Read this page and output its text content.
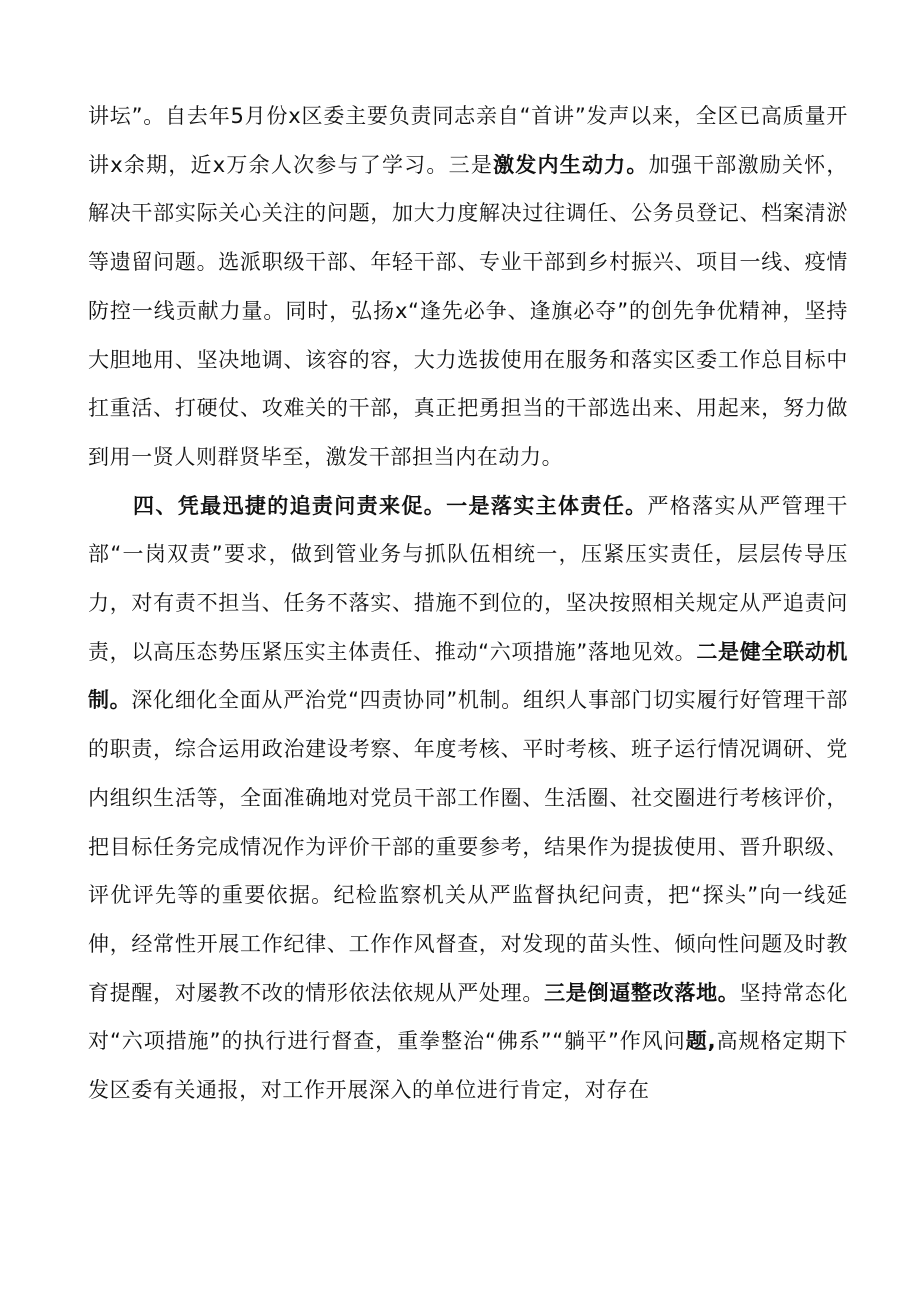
讲坛”。自去年5月份x区委主要负责同志亲自“首讲”发声以来，全区已高质量开讲x余期，近x万余人次参与了学习。三是激发内生动力。加强干部激励关怀，解决干部实际关心关注的问题，加大力度解决过往调任、公务员登记、档案清淤等遗留问题。选派职级干部、年轻干部、专业干部到乡村振兴、项目一线、疫情防控一线贡献力量。同时，弘扬x“逢先必争、逢旗必夺”的创先争优精神，坚持大胆地用、坚决地调、该容的容，大力选拔使用在服务和落实区委工作总目标中扛重活、打硬仗、攻难关的干部，真正把勇担当的干部选出来、用起来，努力做到用一贤人则群贤毕至，激发干部担当内在动力。

四、凭最迅捷的追责问责来促。一是落实主体责任。严格落实从严管理干部“一岗双责”要求，做到管业务与抓队伍相统一，压紧压实责任，层层传导压力，对有责不担当、任务不落实、措施不到位的，坚决按照相关规定从严追责问责，以高压态势压紧压实主体责任、推动“六项措施”落地见效。二是健全联动机制。深化细化全面从严治党“四责协同”机制。组织人事部门切实履行好管理干部的职责，综合运用政治建设考察、年度考核、平时考核、班子运行情况调研、党内组织生活等，全面准确地对党员干部工作圈、生活圈、社交圈进行考核评价，把目标任务完成情况作为评价干部的重要参考，结果作为提拔使用、晋升职级、评优评先等的重要依据。纪检监察机关从严监督执纪问责，把“探头”向一线延伸，经常性开展工作纪律、工作作风督查，对发现的苗头性、倾向性问题及时教育提醒，对屡教不改的情形依法依规从严处理。三是倒逼整改落地。坚持常态化对“六项措施”的执行进行督查，重拳整治“佛系”“躺平”作风问题,高规格定期下发区委有关通报，对工作开展深入的单位进行肯定，对存在
